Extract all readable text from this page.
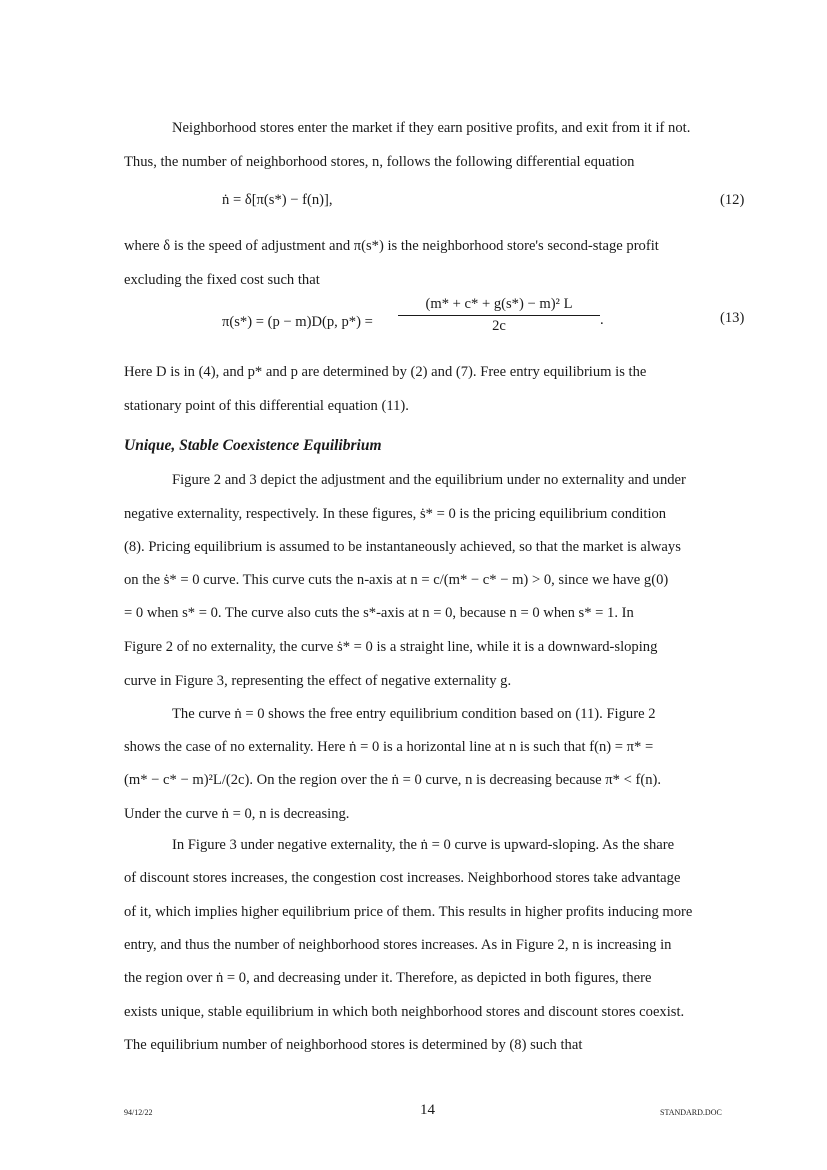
Neighborhood stores enter the market if they earn positive profits, and exit from it if not.
Thus, the number of neighborhood stores, n, follows the following differential equation
ṅ = δ[π(s*) − f(n)],	(12)
where δ is the speed of adjustment and π(s*) is the neighborhood store's second-stage profit
excluding the fixed cost such that
π(s*) = (p − m)D(p, p*) =
(m* + c* + g(s*) − m)² L
2c	.	(13)
Here D is in (4), and p* and p are determined by (2) and (7). Free entry equilibrium is the
stationary point of this differential equation (11).
Unique, Stable Coexistence Equilibrium
Figure 2 and 3 depict the adjustment and the equilibrium under no externality and under
negative externality, respectively. In these figures, ṡ* = 0 is the pricing equilibrium condition
(8). Pricing equilibrium is assumed to be instantaneously achieved, so that the market is always
on the ṡ* = 0 curve. This curve cuts the n-axis at n = c/(m* − c* − m) > 0, since we have g(0)
= 0 when s* = 0. The curve also cuts the s*-axis at n = 0, because n = 0 when s* = 1. In
Figure 2 of no externality, the curve ṡ* = 0 is a straight line, while it is a downward-sloping
curve in Figure 3, representing the effect of negative externality g.
The curve ṅ = 0 shows the free entry equilibrium condition based on (11). Figure 2
shows the case of no externality. Here ṅ = 0 is a horizontal line at n is such that f(n) = π* =
(m* − c* − m)²L/(2c). On the region over the ṅ = 0 curve, n is decreasing because π* < f(n).
Under the curve ṅ = 0, n is decreasing.
In Figure 3 under negative externality, the ṅ = 0 curve is upward-sloping. As the share
of discount stores increases, the congestion cost increases. Neighborhood stores take advantage
of it, which implies higher equilibrium price of them. This results in higher profits inducing more
entry, and thus the number of neighborhood stores increases. As in Figure 2, n is increasing in
the region over ṅ = 0, and decreasing under it. Therefore, as depicted in both figures, there
exists unique, stable equilibrium in which both neighborhood stores and discount stores coexist.
The equilibrium number of neighborhood stores is determined by (8) such that
94/12/22	14	STANDARD.DOC
